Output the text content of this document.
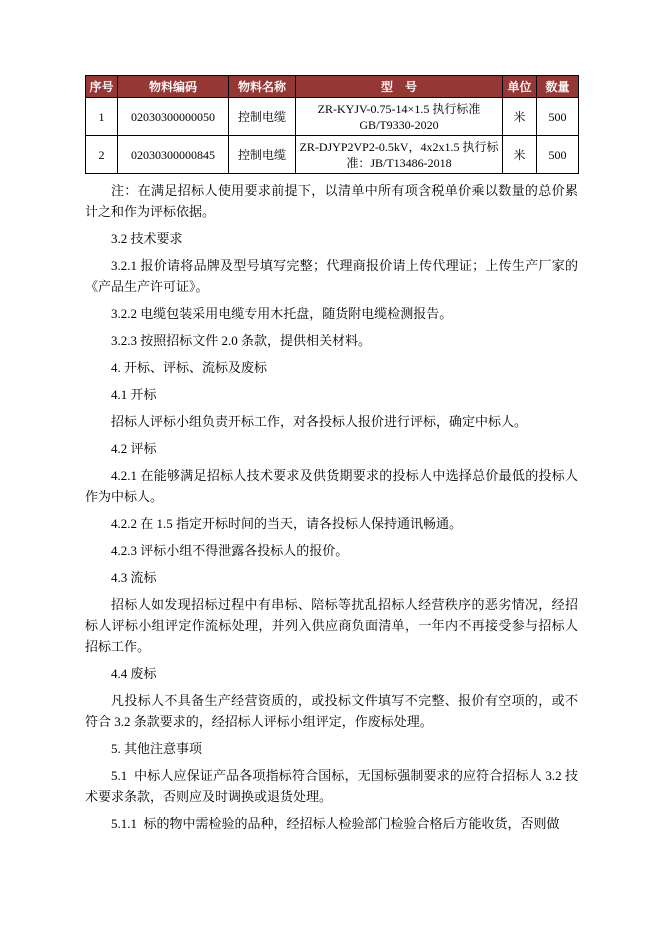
序号	物料编码	物料名称	型　号	单位	数量
1	02030300000050	控制电缆	ZR-KYJV-0.75-14×1.5 执行标准GB/T9330-2020	米	500
2	02030300000845	控制电缆	ZR-DJYP2VP2-0.5kV，4x2x1.5 执行标准：JB/T13486-2018	米	500
注：在满足招标人使用要求前提下，以清单中所有项含税单价乘以数量的总价累计之和作为评标依据。
3.2 技术要求
3.2.1 报价请将品牌及型号填写完整；代理商报价请上传代理证；上传生产厂家的《产品生产许可证》。
3.2.2 电缆包装采用电缆专用木托盘，随货附电缆检测报告。
3.2.3 按照招标文件 2.0 条款，提供相关材料。
4. 开标、评标、流标及废标
4.1 开标
招标人评标小组负责开标工作，对各投标人报价进行评标，确定中标人。
4.2 评标
4.2.1 在能够满足招标人技术要求及供货期要求的投标人中选择总价最低的投标人作为中标人。
4.2.2 在 1.5 指定开标时间的当天，请各投标人保持通讯畅通。
4.2.3 评标小组不得泄露各投标人的报价。
4.3 流标
招标人如发现招标过程中有串标、陪标等扰乱招标人经营秩序的恶劣情况，经招标人评标小组评定作流标处理，并列入供应商负面清单，一年内不再接受参与招标人招标工作。
4.4 废标
凡投标人不具备生产经营资质的，或投标文件填写不完整、报价有空项的，或不符合 3.2 条款要求的，经招标人评标小组评定，作废标处理。
5. 其他注意事项
5.1  中标人应保证产品各项指标符合国标，无国标强制要求的应符合招标人 3.2 技术要求条款，否则应及时调换或退货处理。
5.1.1  标的物中需检验的品种，经招标人检验部门检验合格后方能收货，否则做
